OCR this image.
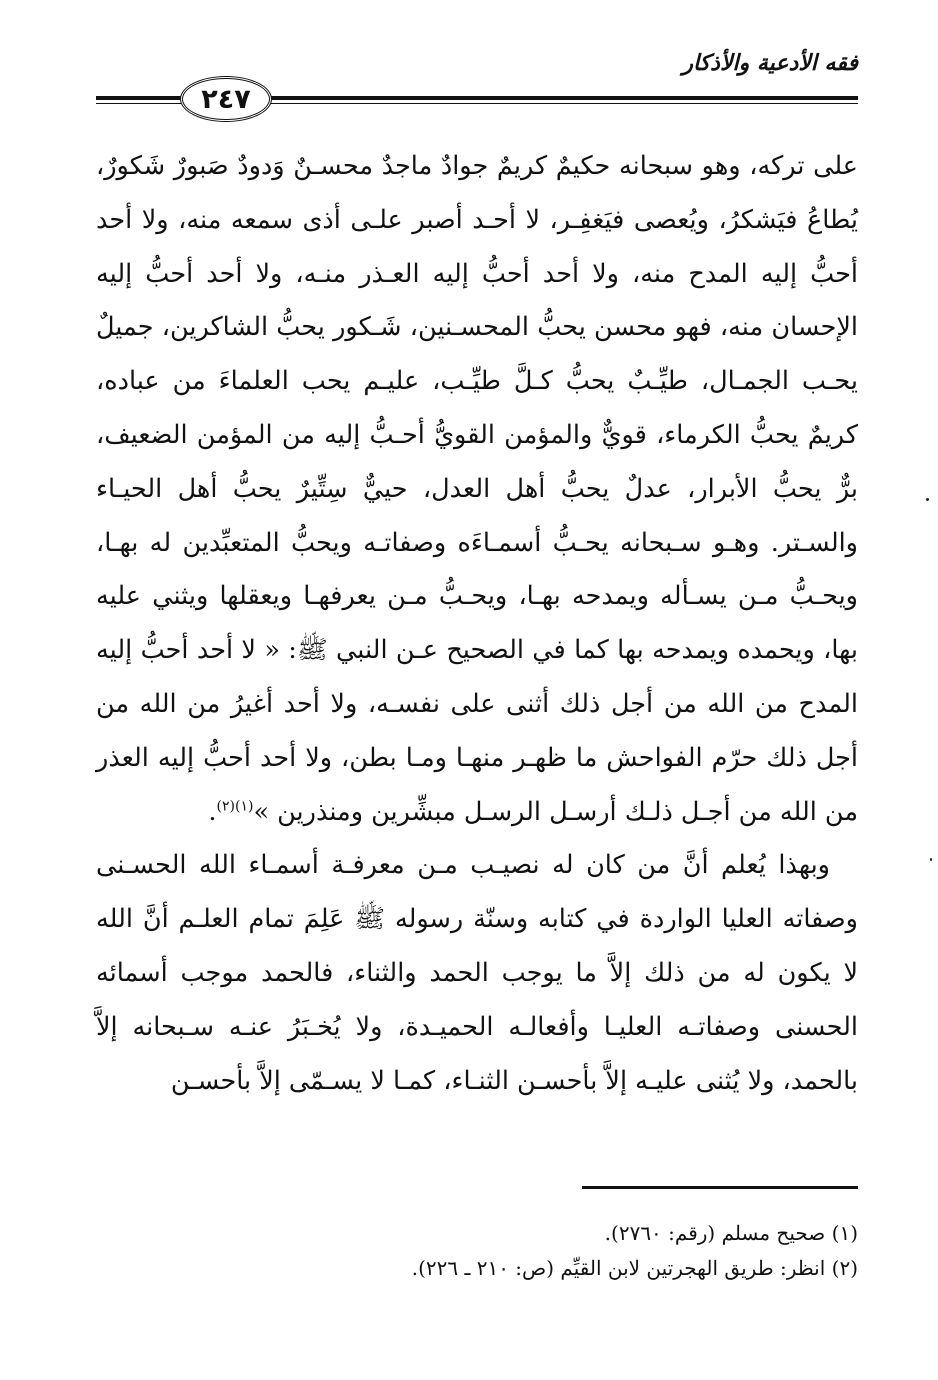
فقه الأدعية والأذكار
٢٤٧

على تركه، وهو سبحانه حكيمٌ كريمٌ جوادٌ ماجدٌ محسـنٌ وَدودٌ صَبورٌ شَكورٌ، يُطاعُ فيَشكرُ، ويُعصى فيَغفِـر، لا أحـد أصبر علـى أذى سمعه منه، ولا أحد أحبُّ إليه المدح منه، ولا أحد أحبُّ إليه العـذر منـه، ولا أحد أحبُّ إليه الإحسان منه، فهو محسن يحبُّ المحسـنين، شَـكور يحبُّ الشاكرين، جميلٌ يحـب الجمـال، طيِّـبٌ يحبُّ كـلَّ طيِّـب، عليـم يحب العلماءَ من عباده، كريمٌ يحبُّ الكرماء، قويٌّ والمؤمن القويُّ أحـبُّ إليه من المؤمن الضعيف، برٌّ يحبُّ الأبرار، عدلٌ يحبُّ أهل العدل، حييٌّ سِتِّيرٌ يحبُّ أهل الحيـاء والسـتر. وهـو سـبحانه يحـبُّ أسمـاءَه وصفاتـه ويحبُّ المتعبِّدين له بهـا، ويحـبُّ مـن يسـأله ويمدحه بهـا، ويحـبُّ مـن يعرفهـا ويعقلها ويثني عليه بها، ويحمده ويمدحه بها كما في الصحيح عـن النبي ﷺ: « لا أحد أحبُّ إليه المدح من الله من أجل ذلك أثنى على نفسـه، ولا أحد أغيرُ من الله من أجل ذلك حرّم الفواحش ما ظهـر منهـا ومـا بطن، ولا أحد أحبُّ إليه العذر من الله من أجـل ذلـك أرسـل الرسـل مبشِّرين ومنذرين »$^{(١)(٢)}$.

وبهذا يُعلم أنَّ من كان له نصيـب مـن معرفـة أسمـاء الله الحسـنى وصفاته العليا الواردة في كتابه وسنّة رسوله ﷺ عَلِمَ تمام العلـم أنَّ الله لا يكون له من ذلك إلاَّ ما يوجب الحمد والثناء، فالحمد موجب أسمائه الحسنى وصفاتـه العليـا وأفعالـه الحميـدة، ولا يُخـبَرُ عنـه سـبحانه إلاَّ بالحمد، ولا يُثنى عليـه إلاَّ بأحسـن الثنـاء، كمـا لا يسـمّى إلاَّ بأحسـن

(١) صحيح مسلم (رقم: ٢٧٦٠).

(٢) انظر: طريق الهجرتين لابن القيِّم (ص: ٢١٠ ـ ٢٢٦).
